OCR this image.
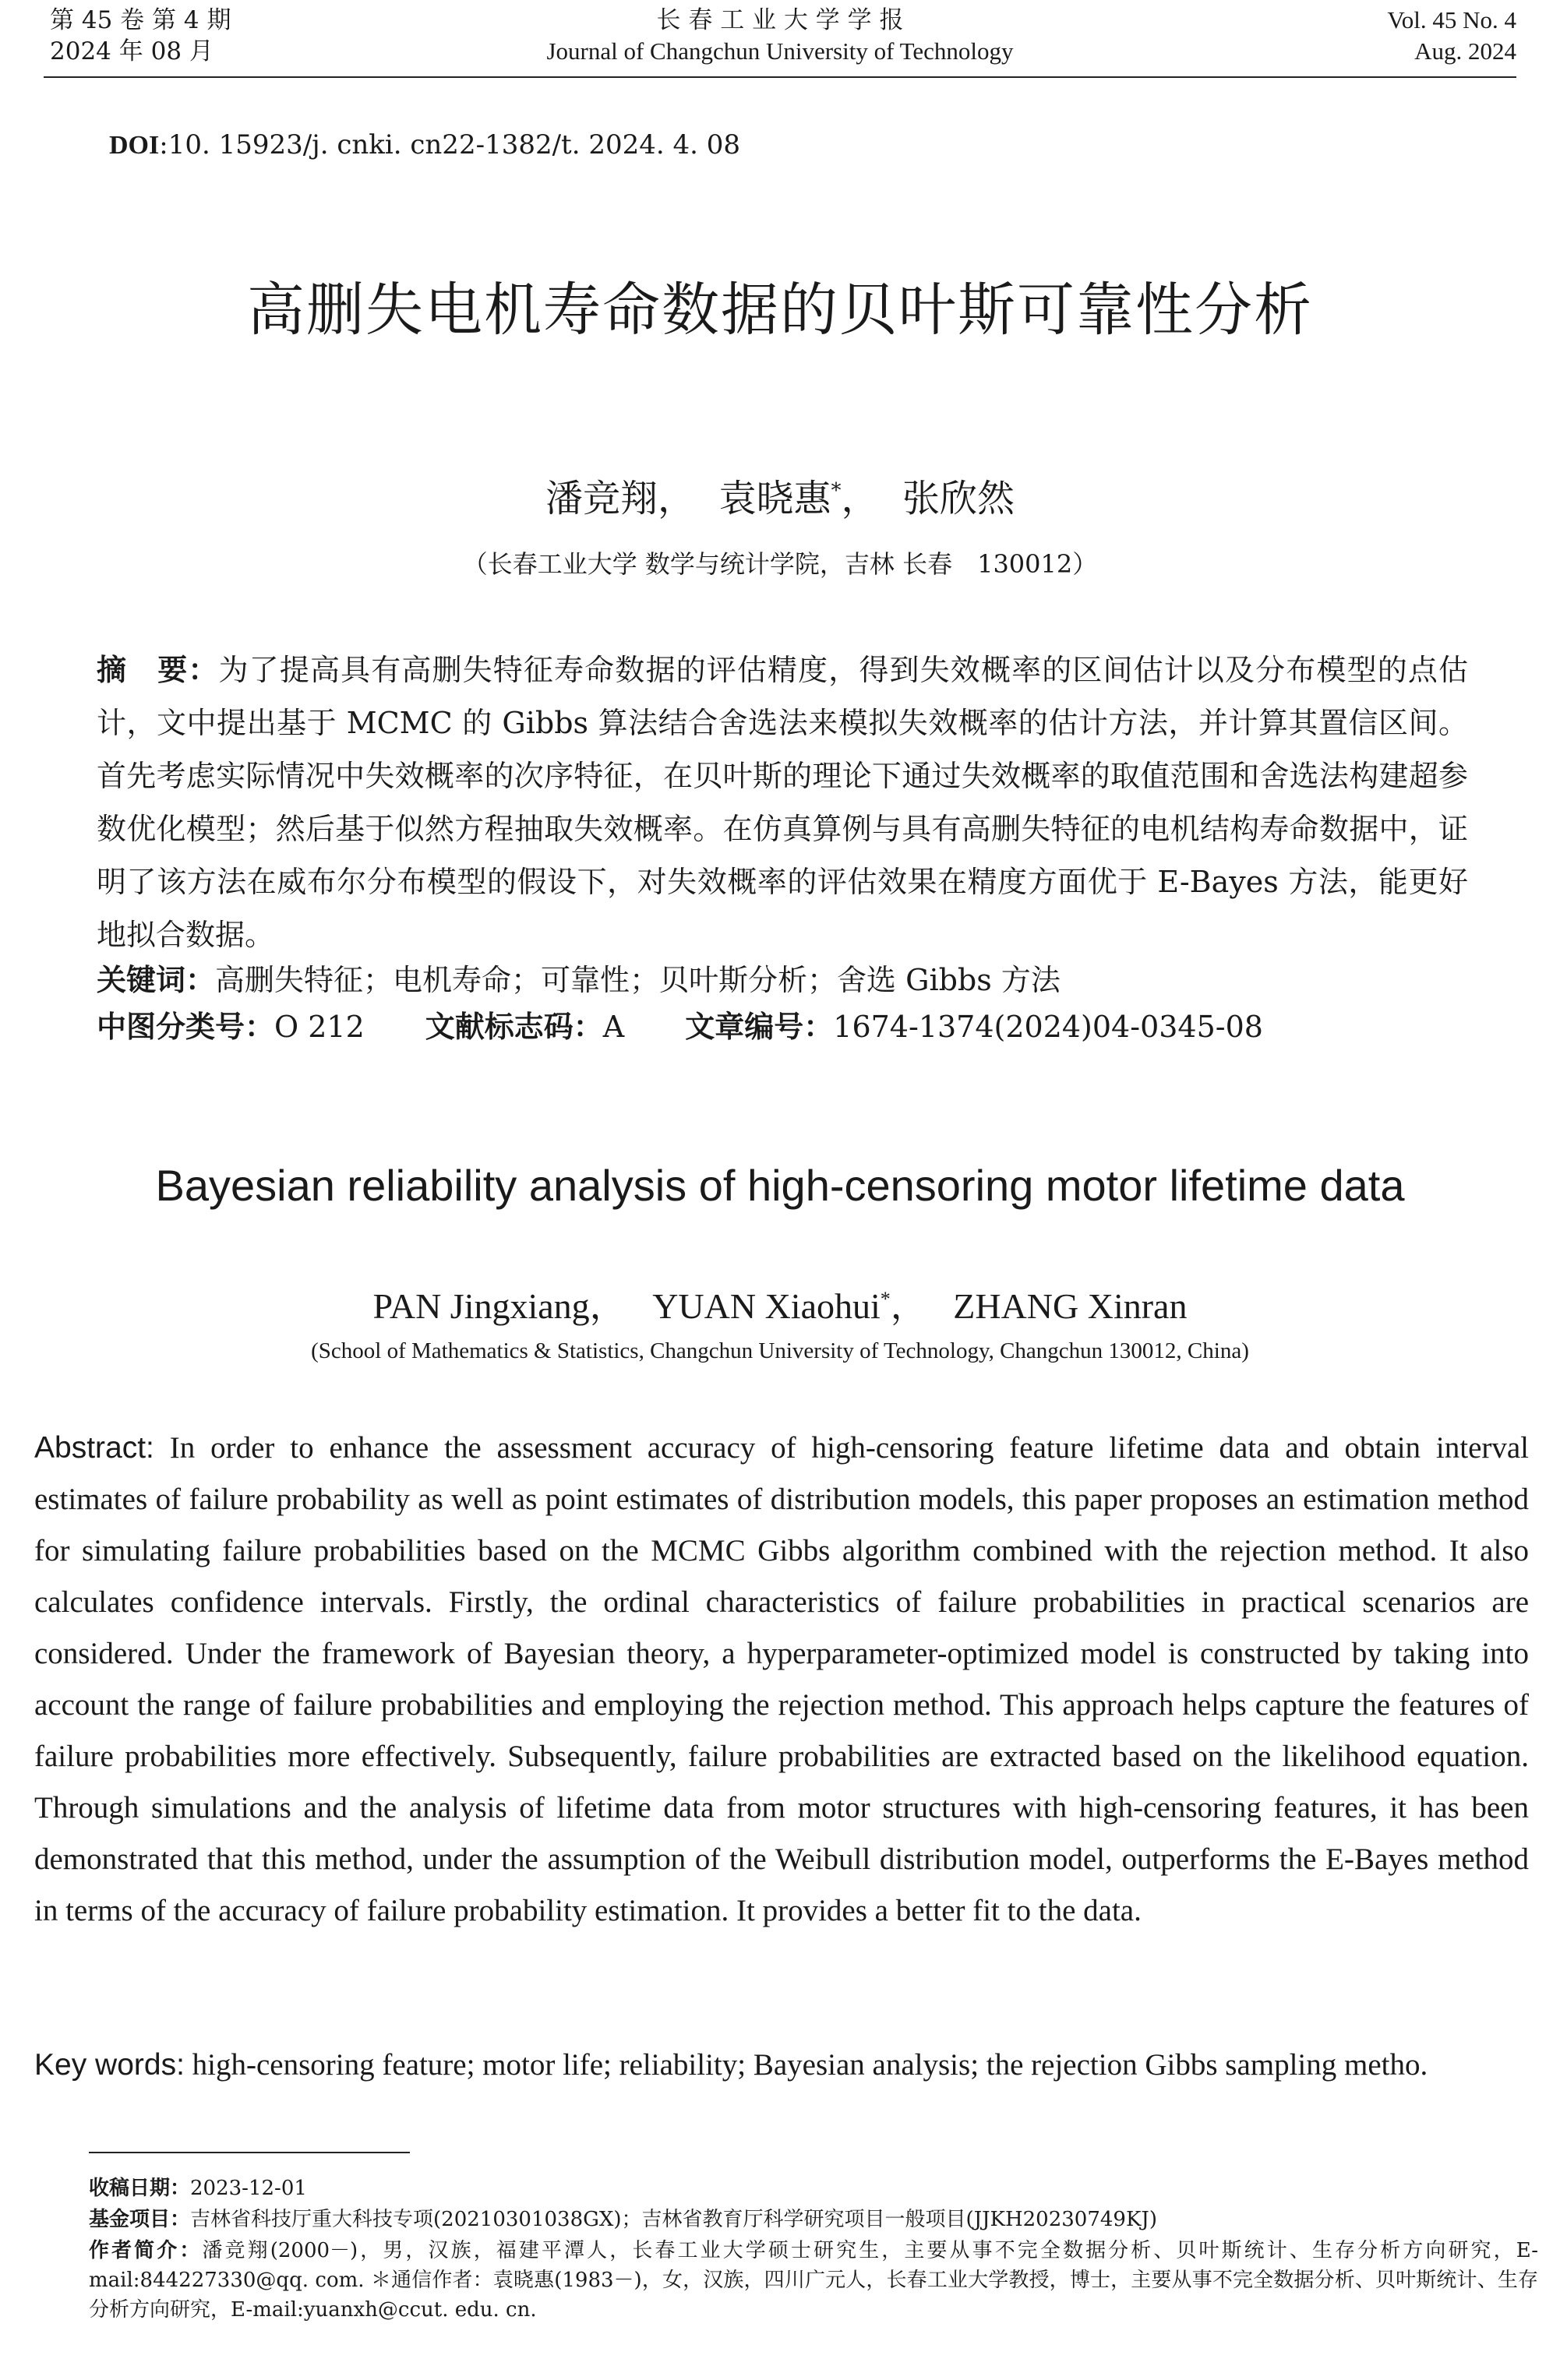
第 45 卷 第 4 期
2024 年 08 月
长 春 工 业 大 学 学 报
Journal of Changchun University of Technology
Vol. 45 No. 4
Aug. 2024
DOI:10. 15923/j. cnki. cn22-1382/t. 2024. 4. 08
高删失电机寿命数据的贝叶斯可靠性分析
潘竞翔， 袁晓惠*， 张欣然
（长春工业大学 数学与统计学院，吉林 长春　130012）
摘　要：为了提高具有高删失特征寿命数据的评估精度，得到失效概率的区间估计以及分布模型的点估计，文中提出基于 MCMC 的 Gibbs 算法结合舍选法来模拟失效概率的估计方法，并计算其置信区间。首先考虑实际情况中失效概率的次序特征，在贝叶斯的理论下通过失效概率的取值范围和舍选法构建超参数优化模型；然后基于似然方程抽取失效概率。在仿真算例与具有高删失特征的电机结构寿命数据中，证明了该方法在威布尔分布模型的假设下，对失效概率的评估效果在精度方面优于 E-Bayes 方法，能更好地拟合数据。
关键词：高删失特征；电机寿命；可靠性；贝叶斯分析；舍选 Gibbs 方法
中图分类号：O 212 文献标志码：A 文章编号：1674-1374(2024)04-0345-08
Bayesian reliability analysis of high-censoring motor lifetime data
PAN Jingxiang， YUAN Xiaohui*， ZHANG Xinran
(School of Mathematics & Statistics, Changchun University of Technology, Changchun 130012, China)
Abstract: In order to enhance the assessment accuracy of high-censoring feature lifetime data and obtain interval estimates of failure probability as well as point estimates of distribution models, this paper proposes an estimation method for simulating failure probabilities based on the MCMC Gibbs algorithm combined with the rejection method. It also calculates confidence intervals. Firstly, the ordinal characteristics of failure probabilities in practical scenarios are considered. Under the framework of Bayesian theory, a hyperparameter-optimized model is constructed by taking into account the range of failure probabilities and employing the rejection method. This approach helps capture the features of failure probabilities more effectively. Subsequently, failure probabilities are extracted based on the likelihood equation. Through simulations and the analysis of lifetime data from motor structures with high-censoring features, it has been demonstrated that this method, under the assumption of the Weibull distribution model, outperforms the E-Bayes method in terms of the accuracy of failure probability estimation. It provides a better fit to the data.
Key words: high-censoring feature; motor life; reliability; Bayesian analysis; the rejection Gibbs sampling metho.
收稿日期：2023-12-01
基金项目：吉林省科技厅重大科技专项(20210301038GX)；吉林省教育厅科学研究项目一般项目(JJKH20230749KJ)
作者简介：潘竞翔(2000－)，男，汉族，福建平潭人，长春工业大学硕士研究生，主要从事不完全数据分析、贝叶斯统计、生存分析方向研究，E-mail:844227330@qq. com. ＊通信作者：袁晓惠(1983－)，女，汉族，四川广元人，长春工业大学教授，博士，主要从事不完全数据分析、贝叶斯统计、生存分析方向研究，E-mail:yuanxh@ccut. edu. cn.
